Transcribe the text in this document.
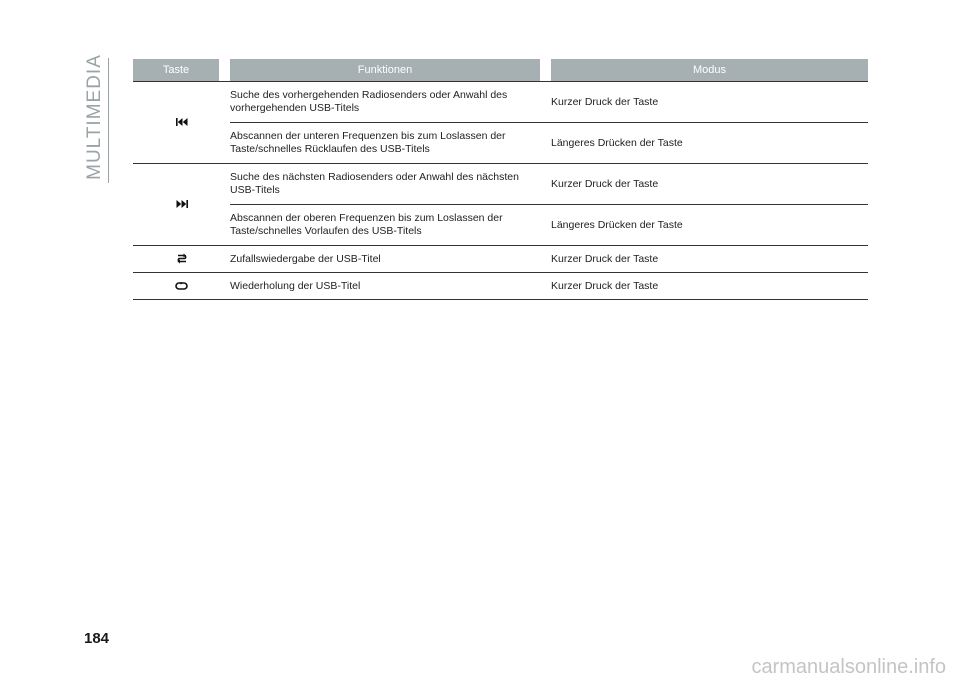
MULTIMEDIA	Taste	Funktionen	Modus
	Suche des vorhergehenden Radiosenders oder Anwahl des vorhergehenden USB-Titels	Kurzer Druck der Taste
	Abscannen der unteren Frequenzen bis zum Loslassen der Taste/schnelles Rücklaufen des USB-Titels	Längeres Drücken der Taste
	Suche des nächsten Radiosenders oder Anwahl des nächsten USB-Titels	Kurzer Druck der Taste
	Abscannen der oberen Frequenzen bis zum Loslassen der Taste/schnelles Vorlaufen des USB-Titels	Längeres Drücken der Taste
	Zufallswiedergabe der USB-Titel	Kurzer Druck der Taste
	Wiederholung der USB-Titel	Kurzer Druck der Taste
184
carmanualsonline.info
